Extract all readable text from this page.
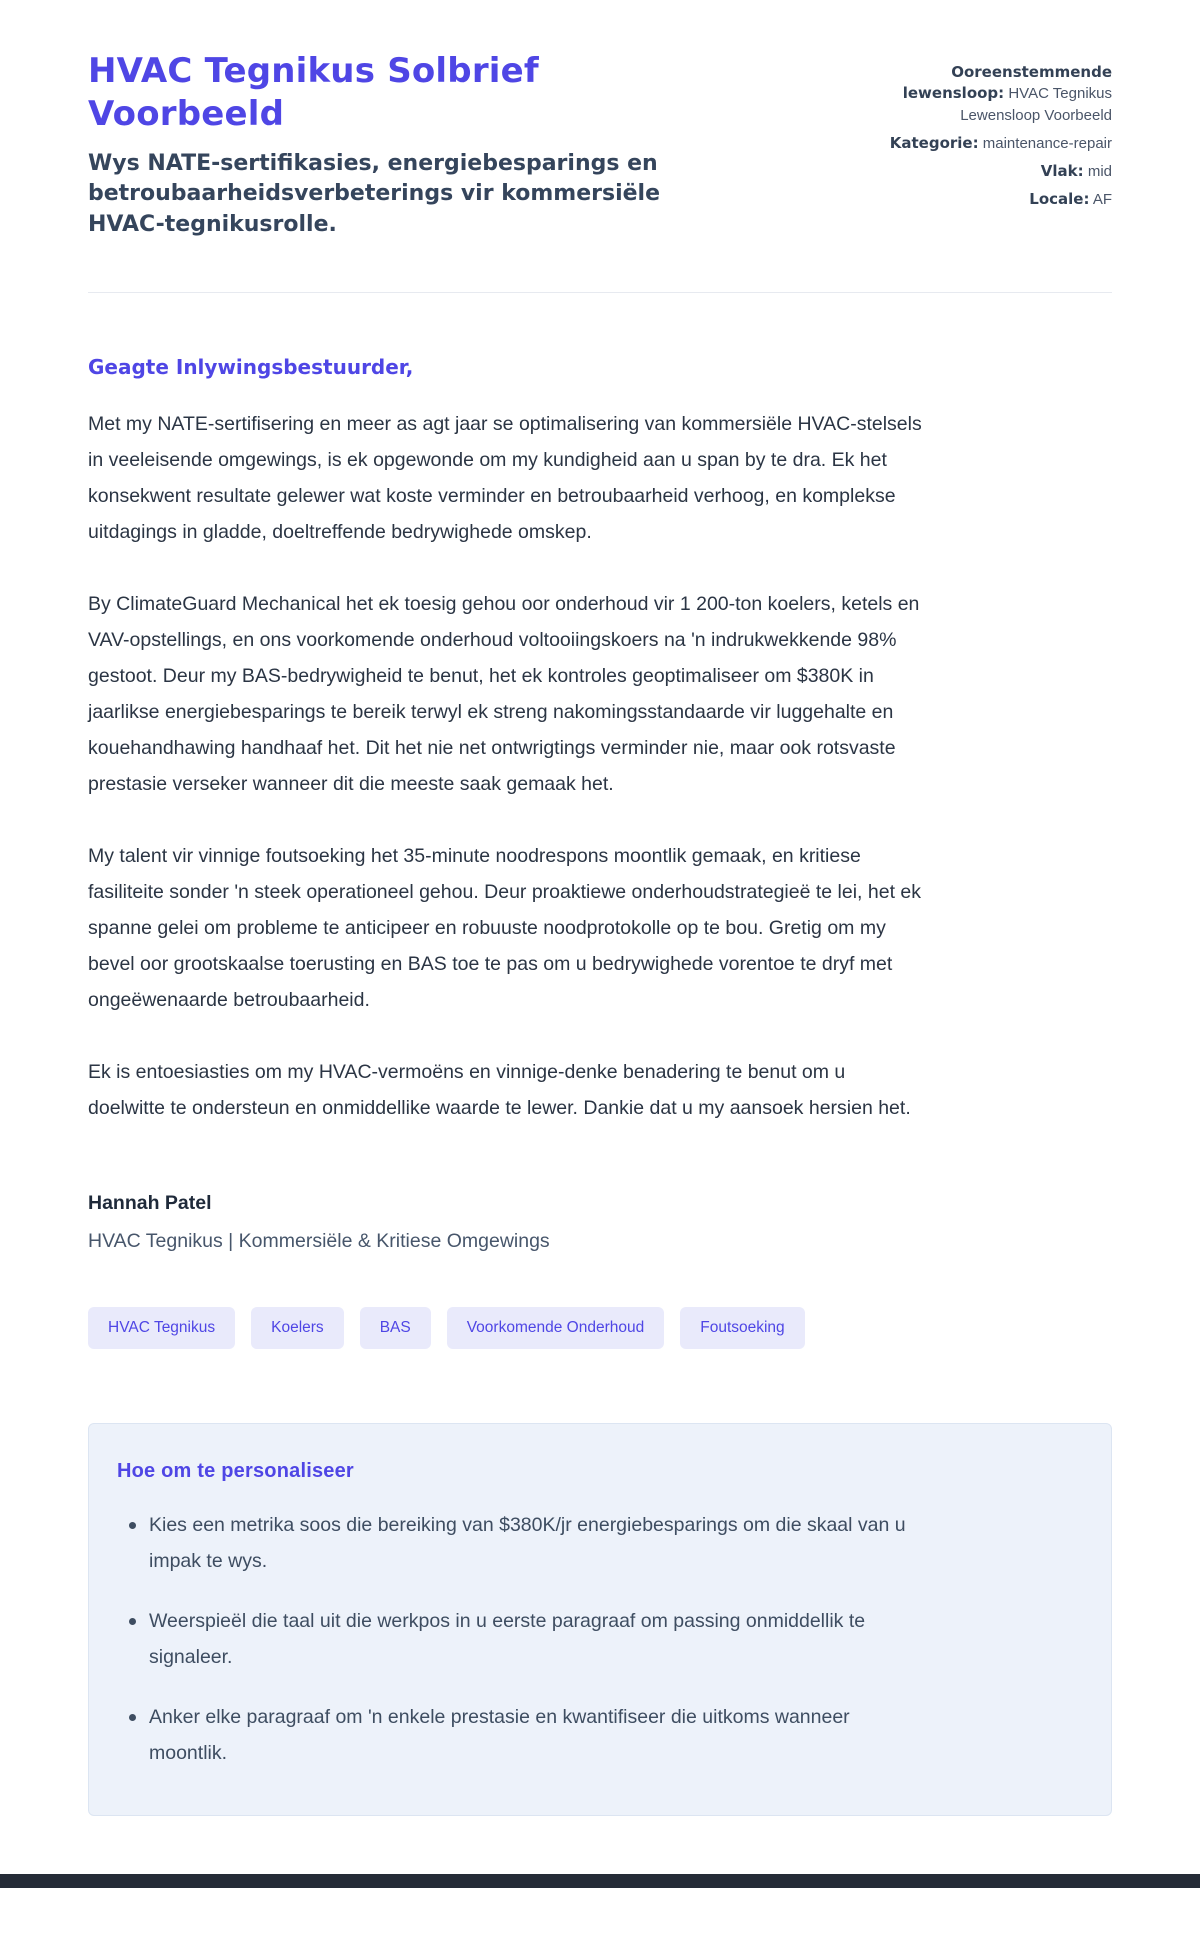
HVAC Tegnikus Solbrief Voorbeeld
Wys NATE-sertifikasies, energiebesparings en betroubaarheidsverbeterings vir kommersiële HVAC-tegnikusrolle.
Ooreenstemmende lewensloop: HVAC Tegnikus Lewensloop Voorbeeld
Kategorie: maintenance-repair
Vlak: mid
Locale: AF
Geagte Inlywingsbestuurder,

Met my NATE-sertifisering en meer as agt jaar se optimalisering van kommersiële HVAC-stelsels in veeleisende omgewings, is ek opgewonde om my kundigheid aan u span by te dra. Ek het konsekwent resultate gelewer wat koste verminder en betroubaarheid verhoog, en komplekse uitdagings in gladde, doeltreffende bedrywighede omskep.

By ClimateGuard Mechanical het ek toesig gehou oor onderhoud vir 1 200-ton koelers, ketels en VAV-opstellings, en ons voorkomende onderhoud voltooiingskoers na 'n indrukwekkende 98% gestoot. Deur my BAS-bedrywigheid te benut, het ek kontroles geoptimaliseer om $380K in jaarlikse energiebesparings te bereik terwyl ek streng nakomingsstandaarde vir luggehalte en kouehandhawing handhaaf het. Dit het nie net ontwrigtings verminder nie, maar ook rotsvaste prestasie verseker wanneer dit die meeste saak gemaak het.

My talent vir vinnige foutsoeking het 35-minute noodrespons moontlik gemaak, en kritiese fasiliteite sonder 'n steek operationeel gehou. Deur proaktiewe onderhoudstrategieë te lei, het ek spanne gelei om probleme te anticipeer en robuuste noodprotokolle op te bou. Gretig om my bevel oor grootskaalse toerusting en BAS toe te pas om u bedrywighede vorentoe te dryf met ongeëwenaarde betroubaarheid.

Ek is entoesiasties om my HVAC-vermoëns en vinnige-denke benadering te benut om u doelwitte te ondersteun en onmiddellike waarde te lewer. Dankie dat u my aansoek hersien het.

Hannah Patel
HVAC Tegnikus | Kommersiële & Kritiese Omgewings
HVAC Tegnikus	Koelers	BAS	Voorkomende Onderhoud	Foutsoeking
Hoe om te personaliseer
Kies een metrika soos die bereiking van $380K/jr energiebesparings om die skaal van u impak te wys.
Weerspieël die taal uit die werkpos in u eerste paragraaf om passing onmiddellik te signaleer.
Anker elke paragraaf om 'n enkele prestasie en kwantifiseer die uitkoms wanneer moontlik.
